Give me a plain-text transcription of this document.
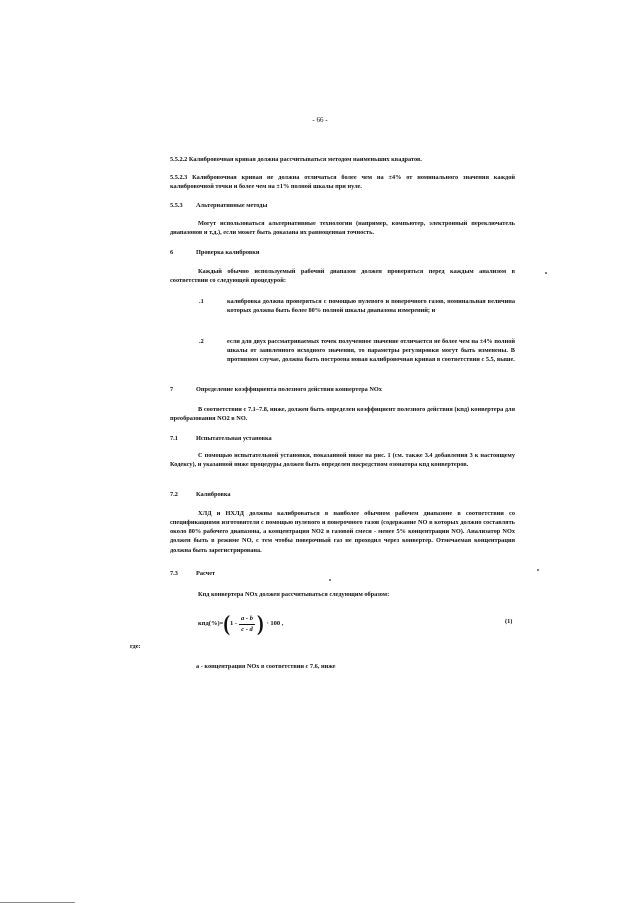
- 66 -
5.5.2.2 Калибровочная кривая должна рассчитываться методом наименьших квадратов.
5.5.2.3 Калибровочная кривая не должна отличаться более чем на ±4% от номинального значения каждой калибровочной точки и более чем на ±1% полной шкалы при нуле.
5.5.3 Альтернативные методы
Могут использоваться альтернативные технологии (например, компьютер, электронный переключатель диапазонов и т.д.), если может быть доказана их равноценная точность.
6	Проверка калибровки
Каждый обычно используемый рабочий диапазон должен проверяться перед каждым анализом в соответствии со следующей процедурой:
.1	калибровка должна проверяться с помощью нулевого и поверочного газов, номинальная величина которых должна быть более 80% полной шкалы диапазона измерений; и
.2	если для двух рассматриваемых точек полученное значение отличается не более чем на ±4% полной шкалы от заявленного исходного значения, то параметры регулировки могут быть изменены. В противном случае, должна быть построена новая калибровочная кривая в соответствии с 5.5, выше.
7	Определение коэффициента полезного действия конвертера NOx
В соответствии с 7.1–7.8, ниже, должен быть определен коэффициент полезного действия (кпд) конвертера для преобразования NO2 в NO.
7.1	Испытательная установка
С помощью испытательной установки, показанной ниже на рис. 1 (см. также 3.4 добавления 3 к настоящему Кодексу), и указанной ниже процедуры должен быть определен посредством озонатора кпд конвертеров.
7.2	Калибровка
ХЛД и НХЛД должны калиброваться в наиболее обычном рабочем диапазоне в соответствии со спецификациями изготовителя с помощью нулевого и поверочного газов (содержание NO в которых должно составлять около 80% рабочего диапазона, а концентрация NO2 в газовой смеси - менее 5% концентрации NO). Анализатор NOx должен быть в режиме NO, с тем чтобы поверочный газ не проходил через конвертер. Отмечаемая концентрация должна быть зарегистрирована.
7.3	Расчет
Кпд конвертера NOx должен рассчитываться следующим образом:
кпд(%)= ( $1 - \frac{a - b}{c - d}$ ) · 100 ,	(1)
где:
a - концентрация NOx в соответствии с 7.6, ниже
